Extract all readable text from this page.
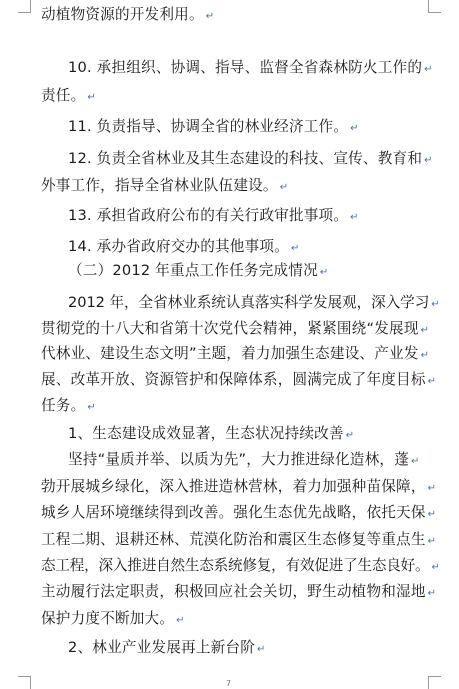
动植物资源的开发利用。 ↵
10. 承担组织、协调、指导、监督全省森林防火工作的 ↵
责任。 ↵
11. 负责指导、协调全省的林业经济工作。 ↵
12. 负责全省林业及其生态建设的科技、宣传、教育和 ↵
外事工作，指导全省林业队伍建设。 ↵
13. 承担省政府公布的有关行政审批事项。 ↵
14. 承办省政府交办的其他事项。 ↵
（二）2012 年重点工作任务完成情况 ↵
2012 年，全省林业系统认真落实科学发展观，深入学习 ↵
贯彻党的十八大和省第十次党代会精神，紧紧围绕“发展现 ↵
代林业、建设生态文明”主题，着力加强生态建设、产业发 ↵
展、改革开放、资源管护和保障体系，圆满完成了年度目标 ↵
任务。 ↵
1、生态建设成效显著，生态状况持续改善 ↵
坚持“量质并举、以质为先”，大力推进绿化造林，蓬 ↵
勃开展城乡绿化，深入推进造林营林，着力加强种苗保障， ↵
城乡人居环境继续得到改善。强化生态优先战略，依托天保 ↵
工程二期、退耕还林、荒漠化防治和震区生态修复等重点生 ↵
态工程，深入推进自然生态系统修复，有效促进了生态良好。 ↵
主动履行法定职责，积极回应社会关切，野生动植物和湿地 ↵
保护力度不断加大。 ↵
2、林业产业发展再上新台阶 ↵
7
